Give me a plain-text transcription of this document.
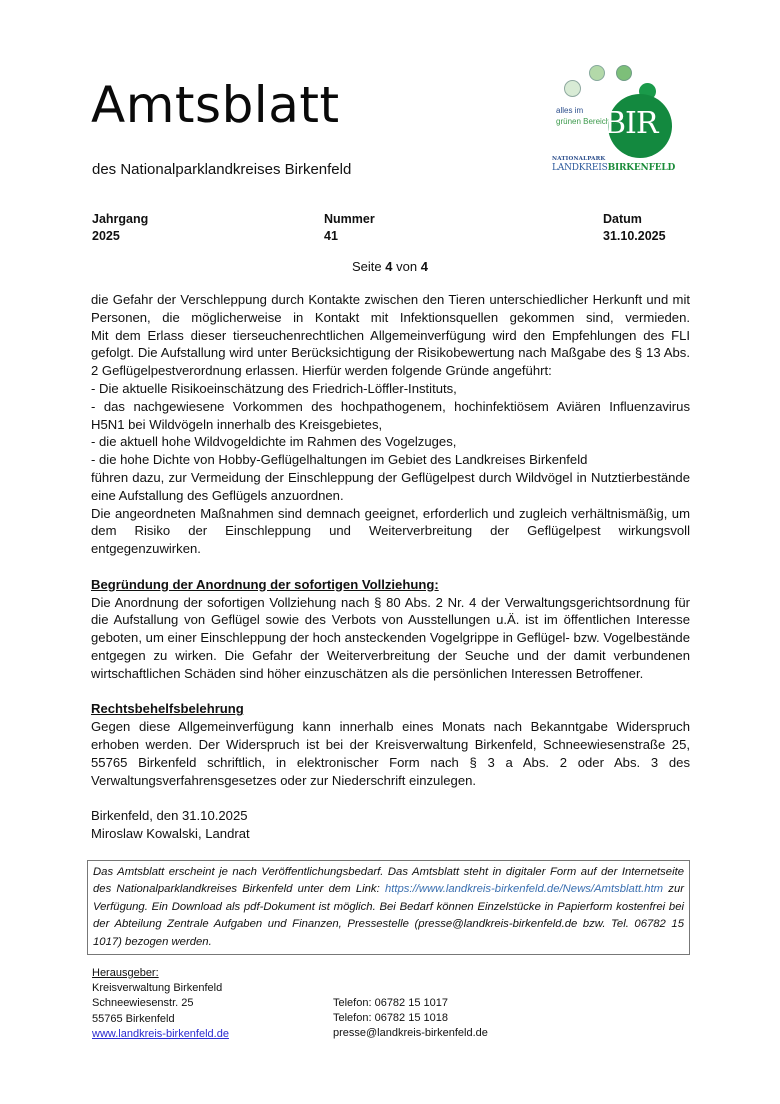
Amtsblatt
des Nationalparklandkreises Birkenfeld
alles im
grünen Bereich....
BIR
NATIONALPARK
LANDKREISBIRKENFELD
Jahrgang
2025
Nummer
41
Datum
31.10.2025
Seite 4 von 4

die Gefahr der Verschleppung durch Kontakte zwischen den Tieren unterschiedlicher Herkunft und mit

Personen, die möglicherweise in Kontakt mit Infektionsquellen gekommen sind, vermieden.

Mit dem Erlass dieser tierseuchenrechtlichen Allgemeinverfügung wird den Empfehlungen des FLI

gefolgt. Die Aufstallung wird unter Berücksichtigung der Risikobewertung nach Maßgabe des § 13 Abs.

2 Geflügelpestverordnung erlassen. Hierfür werden folgende Gründe angeführt:

- Die aktuelle Risikoeinschätzung des Friedrich-Löffler-Instituts,

- das nachgewiesene Vorkommen des hochpathogenem, hochinfektiösem Aviären Influenzavirus

H5N1 bei Wildvögeln innerhalb des Kreisgebietes,

- die aktuell hohe Wildvogeldichte im Rahmen des Vogelzuges,

- die hohe Dichte von Hobby-Geflügelhaltungen im Gebiet des Landkreises Birkenfeld

führen dazu, zur Vermeidung der Einschleppung der Geflügelpest durch Wildvögel in Nutztierbestände

eine Aufstallung des Geflügels anzuordnen.

Die angeordneten Maßnahmen sind demnach geeignet, erforderlich und zugleich verhältnismäßig, um

dem Risiko der Einschleppung und Weiterverbreitung der Geflügelpest wirkungsvoll

entgegenzuwirken.

Begründung der Anordnung der sofortigen Vollziehung:

Die Anordnung der sofortigen Vollziehung nach § 80 Abs. 2 Nr. 4 der Verwaltungsgerichtsordnung für

die Aufstallung von Geflügel sowie des Verbots von Ausstellungen u.Ä. ist im öffentlichen Interesse

geboten, um einer Einschleppung der hoch ansteckenden Vogelgrippe in Geflügel- bzw. Vogelbestände

entgegen zu wirken. Die Gefahr der Weiterverbreitung der Seuche und der damit verbundenen

wirtschaftlichen Schäden sind höher einzuschätzen als die persönlichen Interessen Betroffener.

Rechtsbehelfsbelehrung

Gegen diese Allgemeinverfügung kann innerhalb eines Monats nach Bekanntgabe Widerspruch

erhoben werden. Der Widerspruch ist bei der Kreisverwaltung Birkenfeld, Schneewiesenstraße 25,

55765 Birkenfeld schriftlich, in elektronischer Form nach § 3 a Abs. 2 oder Abs. 3 des

Verwaltungsverfahrensgesetzes oder zur Niederschrift einzulegen.

Birkenfeld, den 31.10.2025

Miroslaw Kowalski, Landrat

Das Amtsblatt erscheint je nach Veröffentlichungsbedarf. Das Amtsblatt steht in digitaler Form auf der Internetseite des Nationalparklandkreises Birkenfeld unter dem Link: https://www.landkreis-birkenfeld.de/News/Amtsblatt.htm zur Verfügung. Ein Download als pdf-Dokument ist möglich. Bei Bedarf können Einzelstücke in Papierform kostenfrei bei der Abteilung Zentrale Aufgaben und Finanzen, Pressestelle (presse@landkreis-birkenfeld.de bzw. Tel. 06782 15 1017) bezogen werden.
Herausgeber:
Kreisverwaltung Birkenfeld
Schneewiesenstr. 25
55765 Birkenfeld
www.landkreis-birkenfeld.de
Telefon: 06782 15 1017
Telefon: 06782 15 1018
presse@landkreis-birkenfeld.de
